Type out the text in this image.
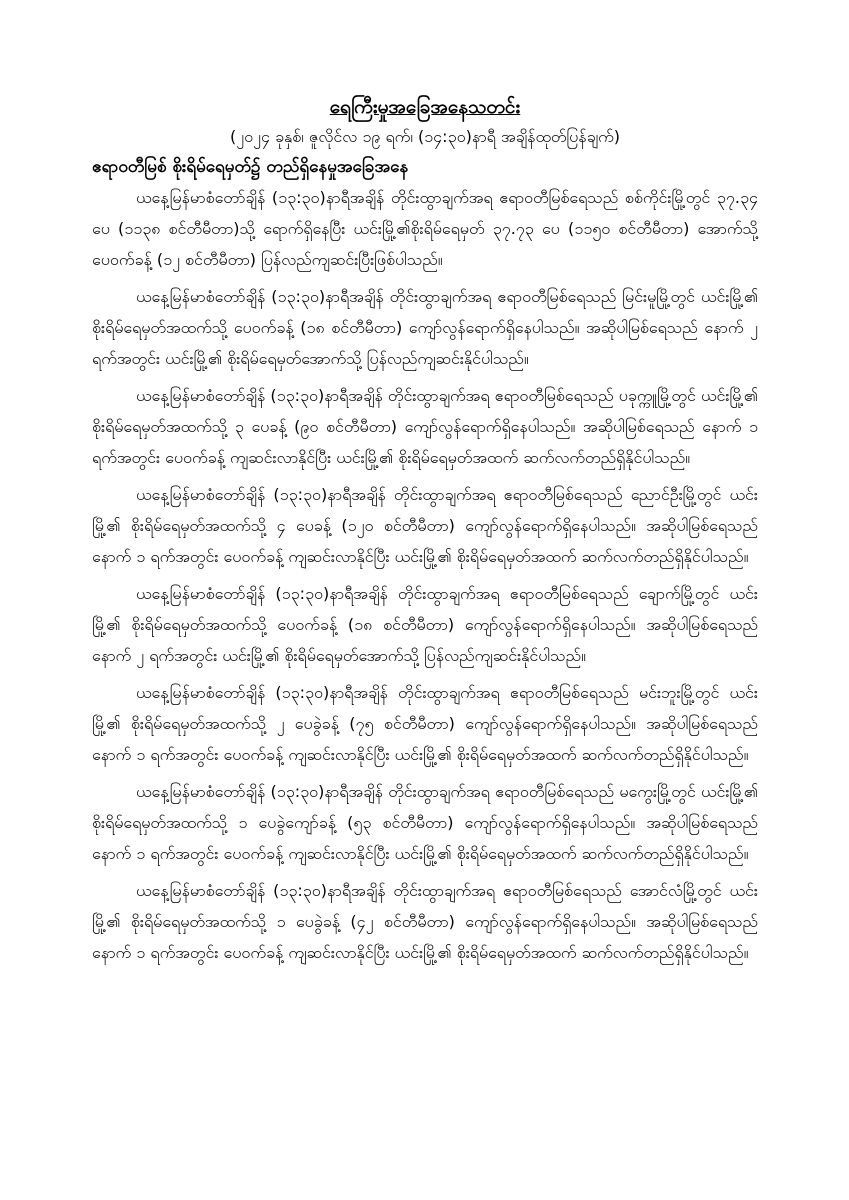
ရေကြီးမှုအခြေအနေသတင်း

(၂၀၂၄ ခုနှစ်၊ ဇူလိုင်လ ၁၉ ရက်၊ (၁၄:၃၀)နာရီ အချိန်ထုတ်ပြန်ချက်)

ဧရာဝတီမြစ် စိုးရိမ်ရေမှတ်၌ တည်ရှိနေမှုအခြေအနေ

ယနေ့မြန်မာစံတော်ချိန် (၁၃:၃၀)နာရီအချိန် တိုင်းထွာချက်အရ ဧရာဝတီမြစ်ရေသည် စစ်ကိုင်းမြို့တွင် ၃၇.၃၄ ပေ (၁၁၃၈ စင်တီမီတာ)သို့ ရောက်ရှိနေပြီး ယင်းမြို့၏စိုးရိမ်ရေမှတ် ၃၇.၇၃ ပေ (၁၁၅၀ စင်တီမီတာ) အောက်သို့ ပေ၀က်ခန့် (၁၂ စင်တီမီတာ) ပြန်လည်ကျဆင်းပြီးဖြစ်ပါသည်။

ယနေ့မြန်မာစံတော်ချိန် (၁၃:၃၀)နာရီအချိန် တိုင်းထွာချက်အရ ဧရာဝတီမြစ်ရေသည် မြင်းမူမြို့တွင် ယင်းမြို့၏ စိုးရိမ်ရေမှတ်အထက်သို့ ပေ၀က်ခန့် (၁၈ စင်တီမီတာ) ကျော်လွန်ရောက်ရှိနေပါသည်။ အဆိုပါမြစ်ရေသည် နောက် ၂ ရက်အတွင်း ယင်းမြို့၏ စိုးရိမ်ရေမှတ်အောက်သို့ ပြန်လည်ကျဆင်းနိုင်ပါသည်။

ယနေ့မြန်မာစံတော်ချိန် (၁၃:၃၀)နာရီအချိန် တိုင်းထွာချက်အရ ဧရာဝတီမြစ်ရေသည် ပခုက္ကူမြို့တွင် ယင်းမြို့၏ စိုးရိမ်ရေမှတ်အထက်သို့ ၃ ပေခန့် (၉၀ စင်တီမီတာ) ကျော်လွန်ရောက်ရှိနေပါသည်။ အဆိုပါမြစ်ရေသည် နောက် ၁ ရက်အတွင်း ပေ၀က်ခန့် ကျဆင်းလာနိုင်ပြီး ယင်းမြို့၏ စိုးရိမ်ရေမှတ်အထက် ဆက်လက်တည်ရှိနိုင်ပါသည်။

ယနေ့မြန်မာစံတော်ချိန် (၁၃:၃၀)နာရီအချိန် တိုင်းထွာချက်အရ ဧရာဝတီမြစ်ရေသည် ညောင်ဦးမြို့တွင် ယင်းမြို့၏ စိုးရိမ်ရေမှတ်အထက်သို့ ၄ ပေခန့် (၁၂၀ စင်တီမီတာ) ကျော်လွန်ရောက်ရှိနေပါသည်။ အဆိုပါမြစ်ရေသည် နောက် ၁ ရက်အတွင်း ပေ၀က်ခန့် ကျဆင်းလာနိုင်ပြီး ယင်းမြို့၏ စိုးရိမ်ရေမှတ်အထက် ဆက်လက်တည်ရှိနိုင်ပါသည်။

ယနေ့မြန်မာစံတော်ချိန် (၁၃:၃၀)နာရီအချိန် တိုင်းထွာချက်အရ ဧရာဝတီမြစ်ရေသည် ချောက်မြို့တွင် ယင်းမြို့၏ စိုးရိမ်ရေမှတ်အထက်သို့ ပေ၀က်ခန့် (၁၈ စင်တီမီတာ) ကျော်လွန်ရောက်ရှိနေပါသည်။ အဆိုပါမြစ်ရေသည် နောက် ၂ ရက်အတွင်း ယင်းမြို့၏ စိုးရိမ်ရေမှတ်အောက်သို့ ပြန်လည်ကျဆင်းနိုင်ပါသည်။

ယနေ့မြန်မာစံတော်ချိန် (၁၃:၃၀)နာရီအချိန် တိုင်းထွာချက်အရ ဧရာဝတီမြစ်ရေသည် မင်းဘူးမြို့တွင် ယင်းမြို့၏ စိုးရိမ်ရေမှတ်အထက်သို့ ၂ ပေခွဲခန့် (၇၅ စင်တီမီတာ) ကျော်လွန်ရောက်ရှိနေပါသည်။ အဆိုပါမြစ်ရေသည် နောက် ၁ ရက်အတွင်း ပေ၀က်ခန့် ကျဆင်းလာနိုင်ပြီး ယင်းမြို့၏ စိုးရိမ်ရေမှတ်အထက် ဆက်လက်တည်ရှိနိုင်ပါသည်။

ယနေ့မြန်မာစံတော်ချိန် (၁၃:၃၀)နာရီအချိန် တိုင်းထွာချက်အရ ဧရာဝတီမြစ်ရေသည် မကွေးမြို့တွင် ယင်းမြို့၏ စိုးရိမ်ရေမှတ်အထက်သို့ ၁ ပေခွဲကျော်ခန့် (၅၃ စင်တီမီတာ) ကျော်လွန်ရောက်ရှိနေပါသည်။ အဆိုပါမြစ်ရေသည် နောက် ၁ ရက်အတွင်း ပေ၀က်ခန့် ကျဆင်းလာနိုင်ပြီး ယင်းမြို့၏ စိုးရိမ်ရေမှတ်အထက် ဆက်လက်တည်ရှိနိုင်ပါသည်။

ယနေ့မြန်မာစံတော်ချိန် (၁၃:၃၀)နာရီအချိန် တိုင်းထွာချက်အရ ဧရာဝတီမြစ်ရေသည် အောင်လံမြို့တွင် ယင်းမြို့၏ စိုးရိမ်ရေမှတ်အထက်သို့ ၁ ပေခွဲခန့် (၄၂ စင်တီမီတာ) ကျော်လွန်ရောက်ရှိနေပါသည်။ အဆိုပါမြစ်ရေသည် နောက် ၁ ရက်အတွင်း ပေ၀က်ခန့် ကျဆင်းလာနိုင်ပြီး ယင်းမြို့၏ စိုးရိမ်ရေမှတ်အထက် ဆက်လက်တည်ရှိနိုင်ပါသည်။
